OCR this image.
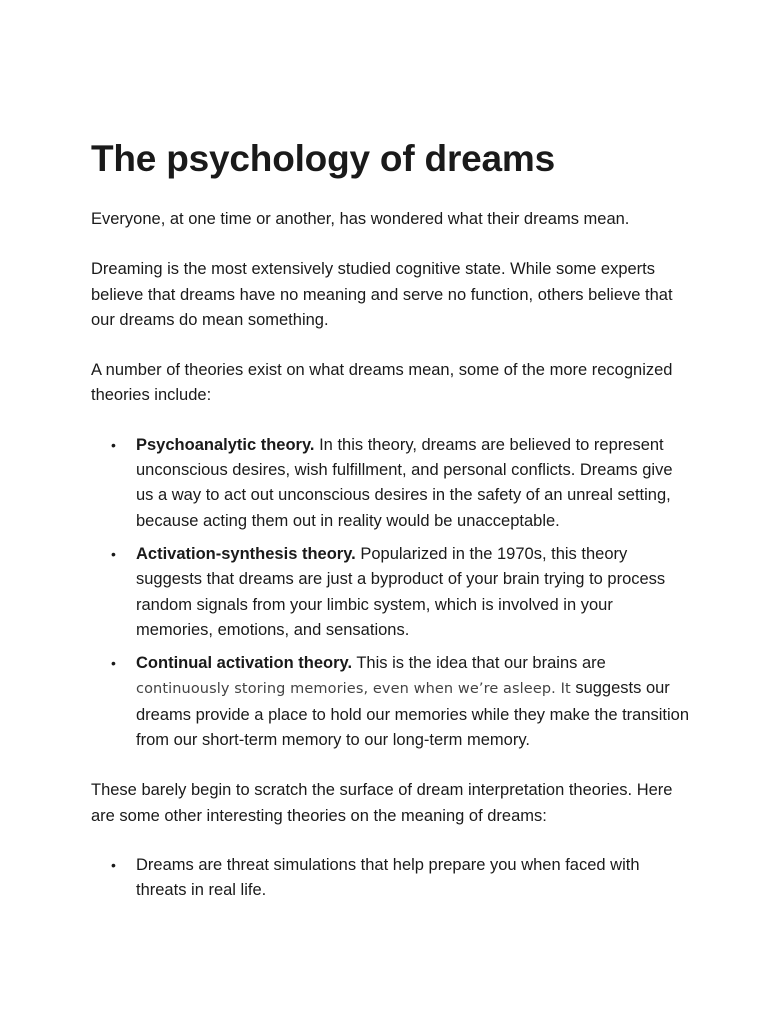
The psychology of dreams

Everyone, at one time or another, has wondered what their dreams mean.

Dreaming is the most extensively studied cognitive state. While some experts believe that dreams have no meaning and serve no function, others believe that our dreams do mean something.

A number of theories exist on what dreams mean, some of the more recognized theories include:

• Psychoanalytic theory. In this theory, dreams are believed to represent unconscious desires, wish fulfillment, and personal conflicts. Dreams give us a way to act out unconscious desires in the safety of an unreal setting, because acting them out in reality would be unacceptable.
• Activation-synthesis theory. Popularized in the 1970s, this theory suggests that dreams are just a byproduct of your brain trying to process random signals from your limbic system, which is involved in your memories, emotions, and sensations.
• Continual activation theory. This is the idea that our brains are continuously storing memories, even when we’re asleep. It suggests our dreams provide a place to hold our memories while they make the transition from our short-term memory to our long-term memory.

These barely begin to scratch the surface of dream interpretation theories. Here are some other interesting theories on the meaning of dreams:

• Dreams are threat simulations that help prepare you when faced with threats in real life.
